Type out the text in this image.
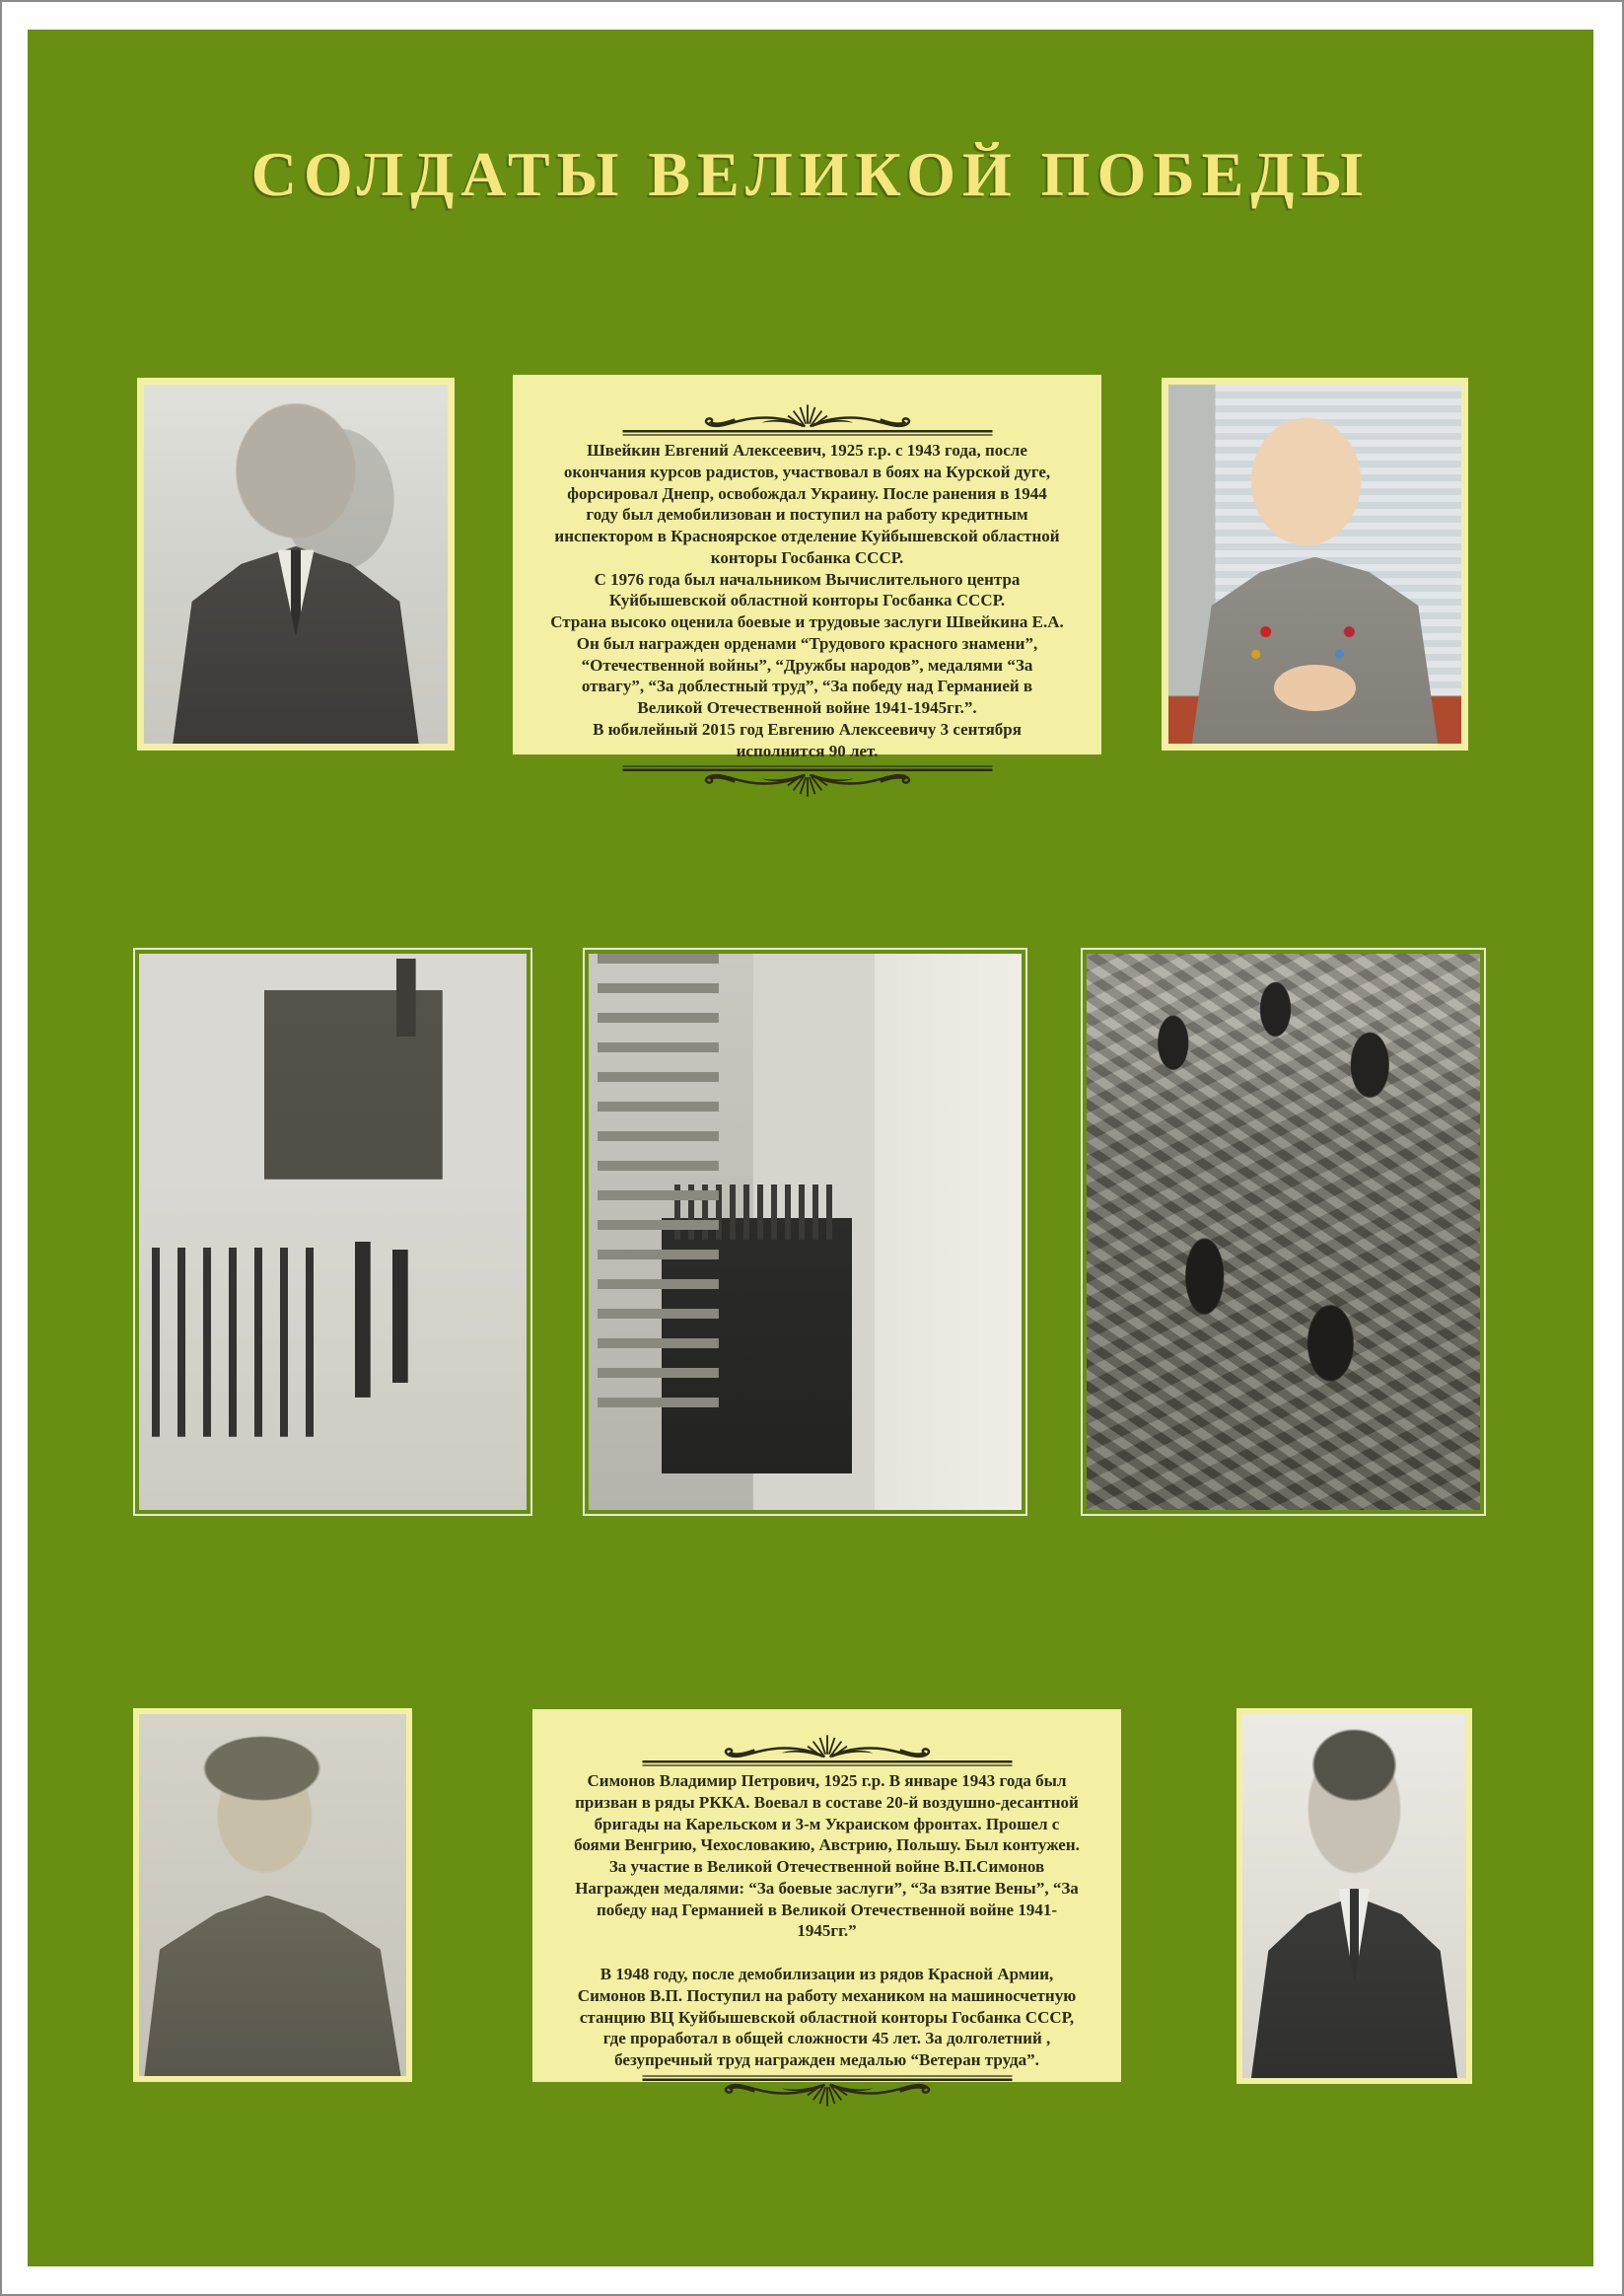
СОЛДАТЫ ВЕЛИКОЙ ПОБЕДЫ

Швейкин Евгений Алексеевич, 1925 г.р. с 1943 года, после окончания курсов радистов, участвовал в боях на Курской дуге, форсировал Днепр, освобождал Украину. После ранения в 1944 году был демобилизован и поступил на работу кредитным инспектором в Красноярское отделение Куйбышевской областной конторы Госбанка СССР.

С 1976 года был начальником Вычислительного центра Куйбышевской областной конторы Госбанка СССР.

Страна высоко оценила боевые и трудовые заслуги Швейкина Е.А. Он был награжден орденами “Трудового красного знамени”, “Отечественной войны”, “Дружбы народов”, медалями “За отвагу”, “За доблестный труд”, “За победу над Германией в Великой Отечественной войне 1941-1945гг.”.

В юбилейный 2015 год Евгению Алексеевичу 3 сентября исполнится 90 лет.

Симонов Владимир Петрович, 1925 г.р. В январе 1943 года был призван в ряды РККА. Воевал в составе 20-й воздушно-десантной бригады на Карельском и 3-м Украиском фронтах. Прошел с боями Венгрию, Чехословакию, Австрию, Польшу. Был контужен. За участие в Великой Отечественной войне В.П.Симонов Награжден медалями: “За боевые заслуги”, “За взятие Вены”, “За победу над Германией в Великой Отечественной войне 1941-1945гг.”

В 1948 году, после демобилизации из рядов Красной Армии, Симонов В.П. Поступил на работу механиком на машиносчетную станцию ВЦ Куйбышевской областной конторы Госбанка СССР, где проработал в общей сложности 45 лет. За долголетний , безупречный труд награжден медалью “Ветеран труда”.
